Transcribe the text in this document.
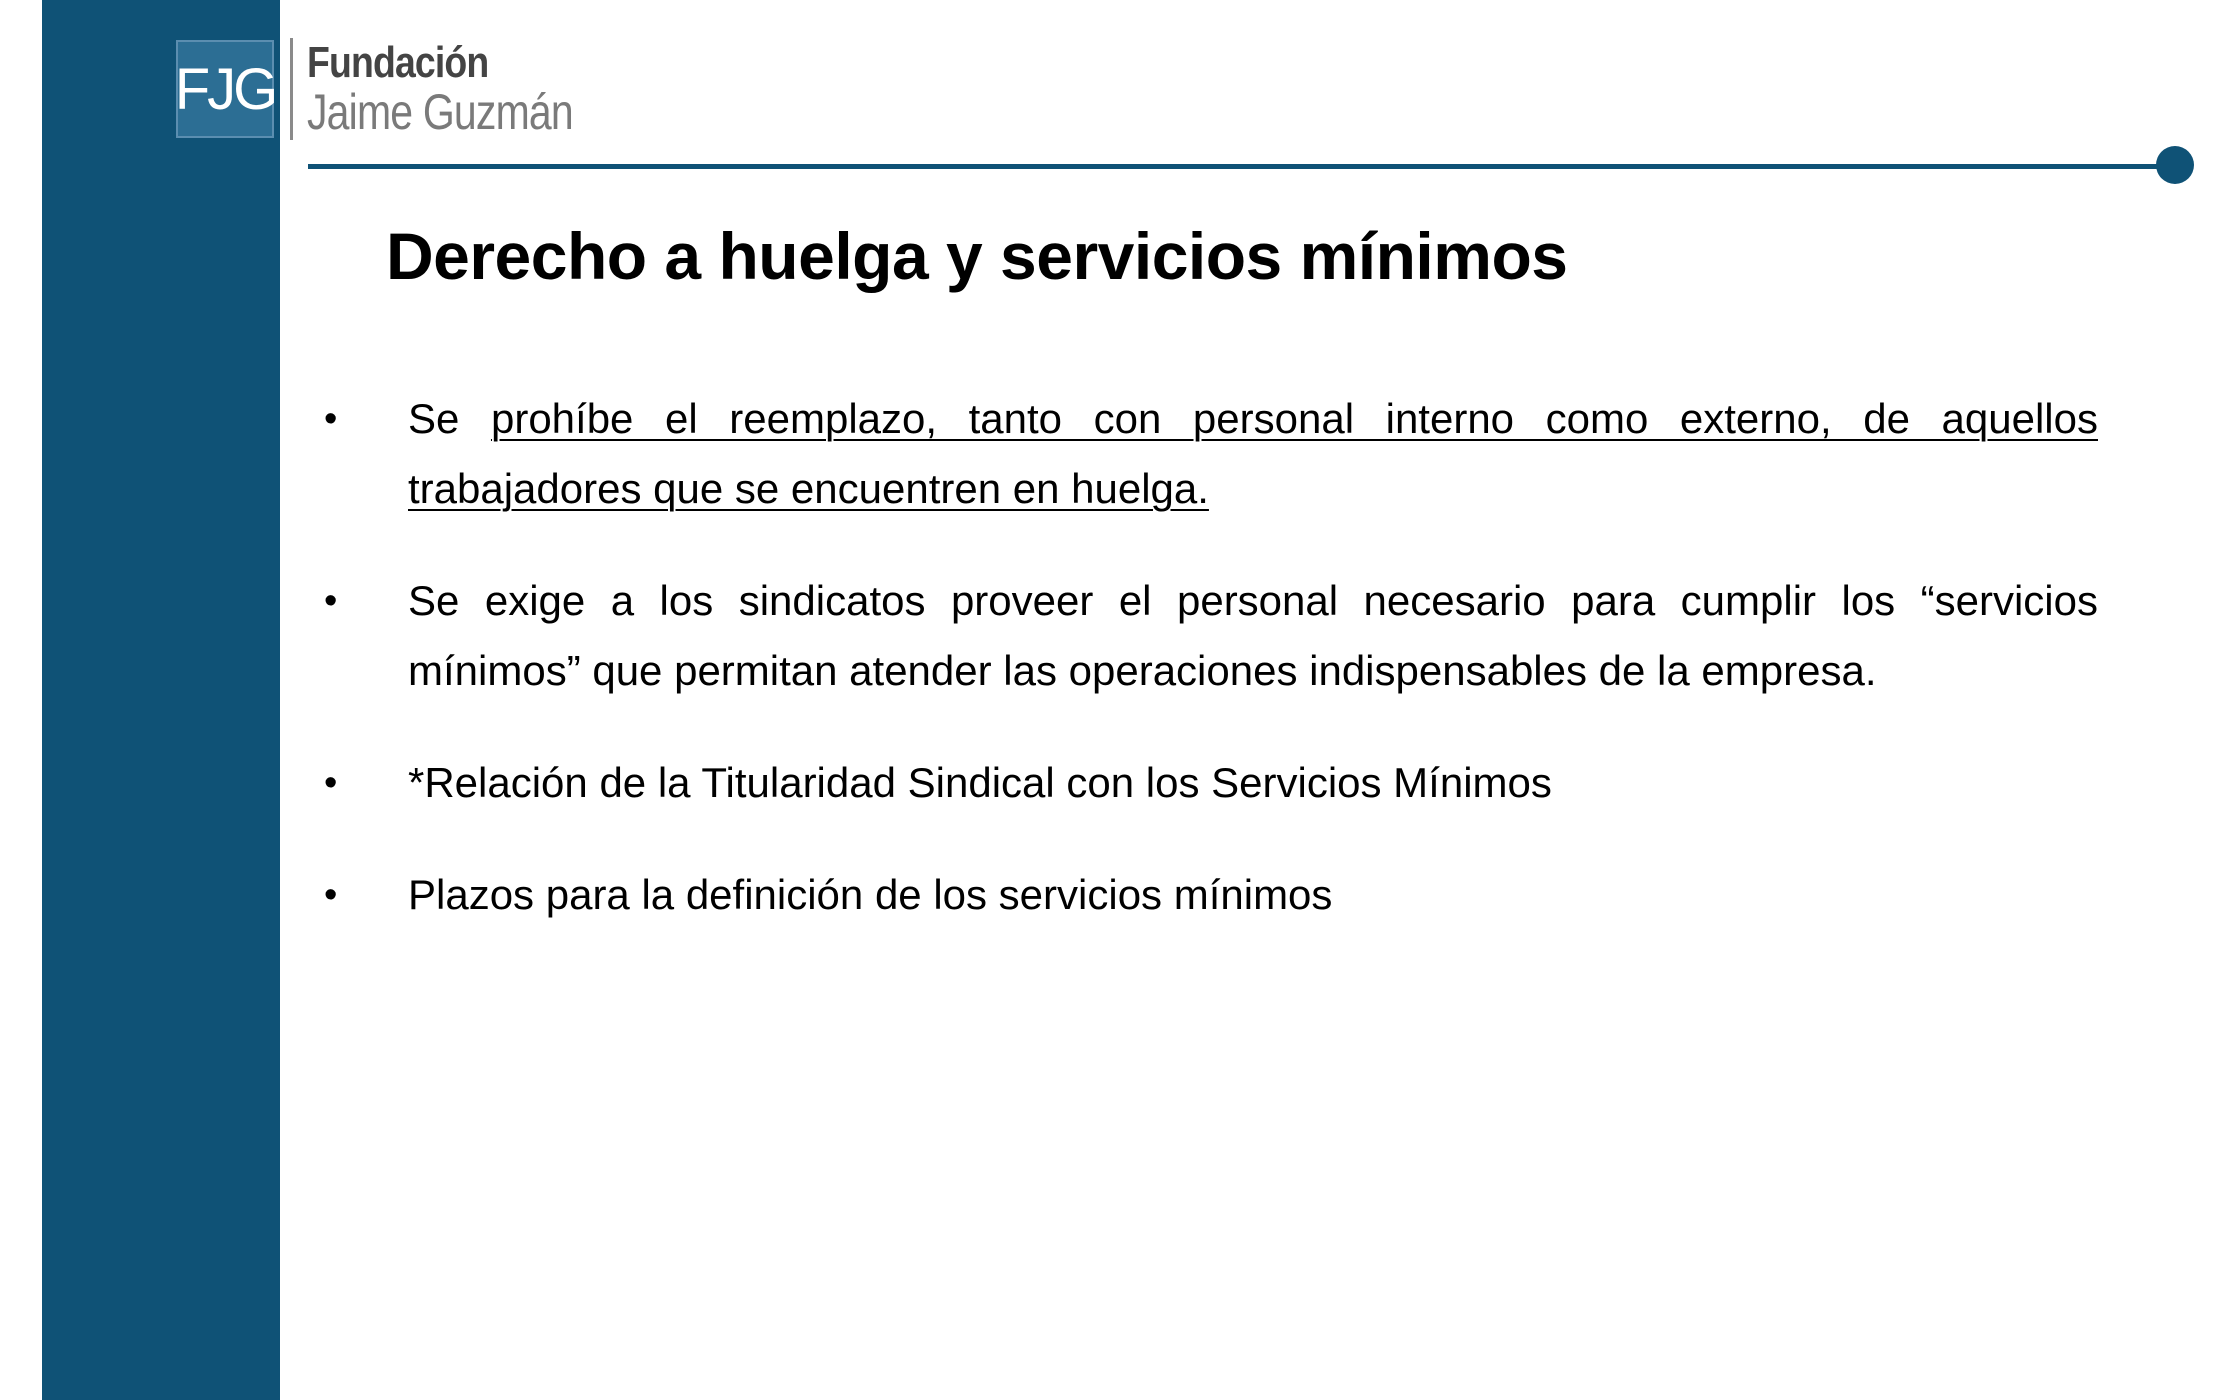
FJG Fundación
Jaime Guzmán
Derecho a huelga y servicios mínimos
• Se prohíbe el reemplazo, tanto con personal interno como externo, de aquellos trabajadores que se encuentren en huelga.
• Se exige a los sindicatos proveer el personal necesario para cumplir los “servicios mínimos” que permitan atender las operaciones indispensables de la empresa.
• *Relación de la Titularidad Sindical con los Servicios Mínimos
• Plazos para la definición de los servicios mínimos
